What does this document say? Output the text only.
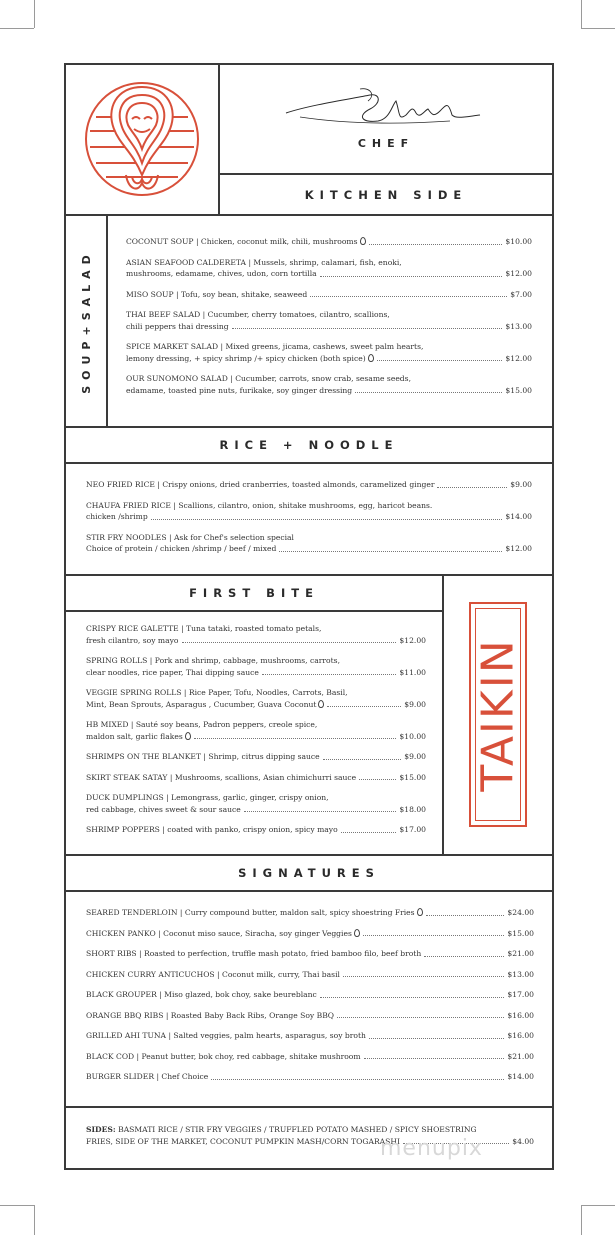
CHEF
KITCHEN SIDE
SOUP+SALAD
COCONUT SOUP | Chicken, coconut milk, chili, mushrooms	$10.00
ASIAN SEAFOOD CALDERETA | Mussels, shrimp, calamari, fish, enoki,
mushrooms, edamame, chives, udon, corn tortilla	$12.00
MISO SOUP | Tofu, soy bean, shitake, seaweed	$7.00
THAI BEEF SALAD | Cucumber, cherry tomatoes, cilantro, scallions,
chili peppers thai dressing	$13.00
SPICE MARKET SALAD | Mixed greens, jicama, cashews, sweet palm hearts,
lemony dressing, + spicy shrimp /+ spicy chicken (both spice)	$12.00
OUR SUNOMONO SALAD | Cucumber, carrots, snow crab, sesame seeds,
edamame, toasted pine nuts, furikake, soy ginger dressing	$15.00
RICE + NOODLE
NEO FRIED RICE | Crispy onions, dried cranberries, toasted almonds, caramelized ginger	$9.00
CHAUFA FRIED RICE | Scallions, cilantro, onion, shitake mushrooms, egg, haricot beans.
chicken /shrimp	$14.00
STIR FRY NOODLES | Ask for Chef's selection special
Choice of protein / chicken /shrimp / beef / mixed	$12.00
FIRST BITE
CRISPY RICE GALETTE | Tuna tataki, roasted tomato petals,
fresh cilantro, soy mayo	$12.00
SPRING ROLLS | Pork and shrimp, cabbage, mushrooms, carrots,
clear noodles, rice paper, Thai dipping sauce	$11.00
VEGGIE SPRING ROLLS | Rice Paper, Tofu, Noodles, Carrots, Basil,
Mint, Bean Sprouts, Asparagus , Cucumber, Guava Coconut	$9.00
HB MIXED | Sauté soy beans, Padron peppers, creole spice,
maldon salt, garlic flakes	$10.00
SHRIMPS ON THE BLANKET | Shrimp, citrus dipping sauce	$9.00
SKIRT STEAK SATAY | Mushrooms, scallions, Asian chimichurri sauce	$15.00
DUCK DUMPLINGS | Lemongrass, garlic, ginger, crispy onion,
red cabbage, chives sweet & sour sauce	$18.00
SHRIMP POPPERS | coated with panko, crispy onion, spicy mayo	$17.00
TAIKIN
SIGNATURES
SEARED TENDERLOIN | Curry compound butter, maldon salt, spicy shoestring Fries	$24.00
CHICKEN PANKO | Coconut miso sauce, Siracha, soy ginger Veggies	$15.00
SHORT RIBS | Roasted to perfection, truffle mash potato, fried bamboo filo, beef broth	$21.00
CHICKEN CURRY ANTICUCHOS | Coconut milk, curry, Thai basil	$13.00
BLACK GROUPER | Miso glazed, bok choy, sake beureblanc	$17.00
ORANGE BBQ RIBS | Roasted Baby Back Ribs, Orange Soy BBQ	$16.00
GRILLED AHI TUNA | Salted veggies, palm hearts, asparagus, soy broth	$16.00
BLACK COD | Peanut butter, bok choy, red cabbage, shitake mushroom	$21.00
BURGER SLIDER | Chef Choice	$14.00
SIDES: BASMATI RICE / STIR FRY VEGGIES / TRUFFLED POTATO MASHED / SPICY SHOESTRING
FRIES, SIDE OF THE MARKET, COCONUT PUMPKIN MASH/CORN TOGARASHI	$4.00
menupix
